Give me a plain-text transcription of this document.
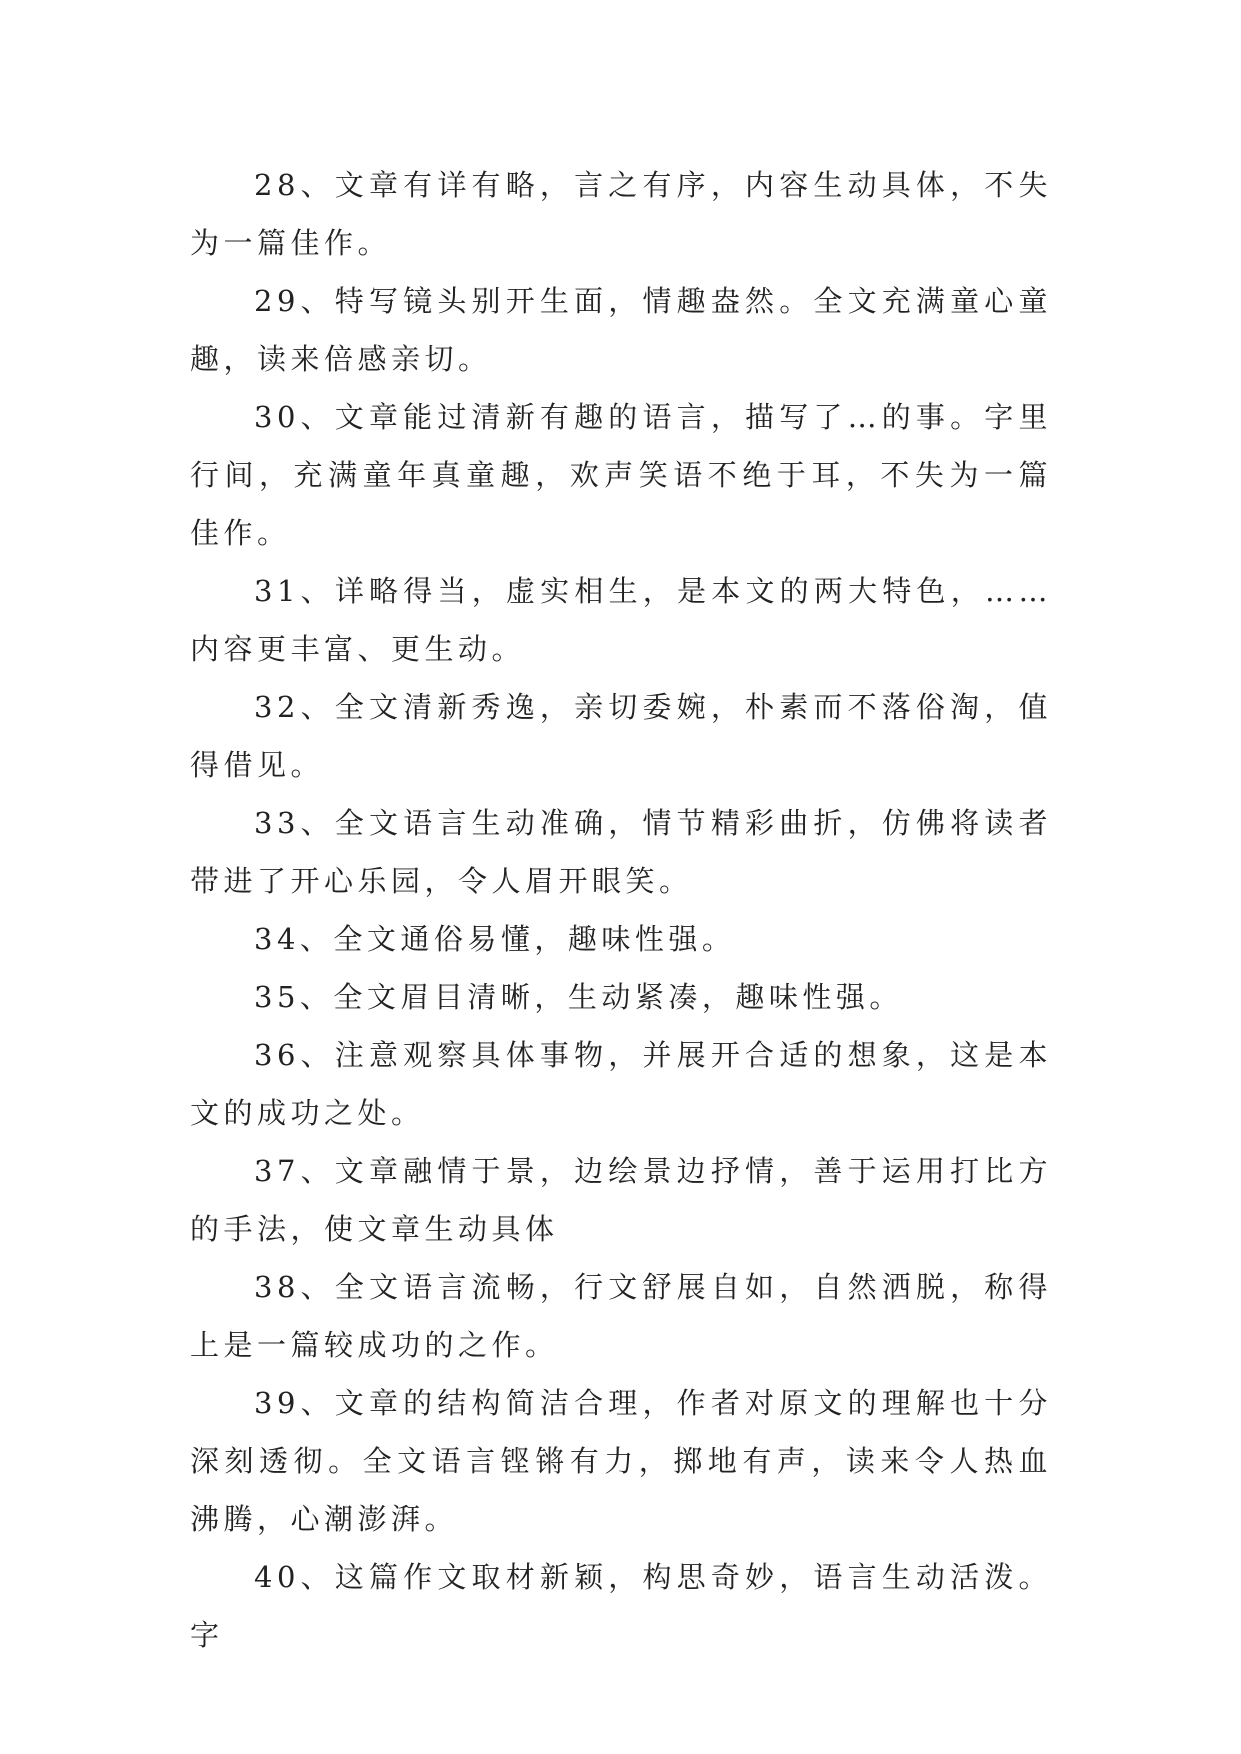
28、文章有详有略，言之有序，内容生动具体，不失为一篇佳作。

29、特写镜头别开生面，情趣盎然。全文充满童心童趣，读来倍感亲切。

30、文章能过清新有趣的语言，描写了…的事。字里行间，充满童年真童趣，欢声笑语不绝于耳，不失为一篇佳作。

31、详略得当，虚实相生，是本文的两大特色，……内容更丰富、更生动。

32、全文清新秀逸，亲切委婉，朴素而不落俗淘，值得借见。

33、全文语言生动准确，情节精彩曲折，仿佛将读者带进了开心乐园，令人眉开眼笑。

34、全文通俗易懂，趣味性强。

35、全文眉目清晰，生动紧凑，趣味性强。

36、注意观察具体事物，并展开合适的想象，这是本文的成功之处。

37、文章融情于景，边绘景边抒情，善于运用打比方的手法，使文章生动具体

38、全文语言流畅，行文舒展自如，自然洒脱，称得上是一篇较成功的之作。

39、文章的结构简洁合理，作者对原文的理解也十分深刻透彻。全文语言铿锵有力，掷地有声，读来令人热血沸腾，心潮澎湃。

40、这篇作文取材新颖，构思奇妙，语言生动活泼。字
